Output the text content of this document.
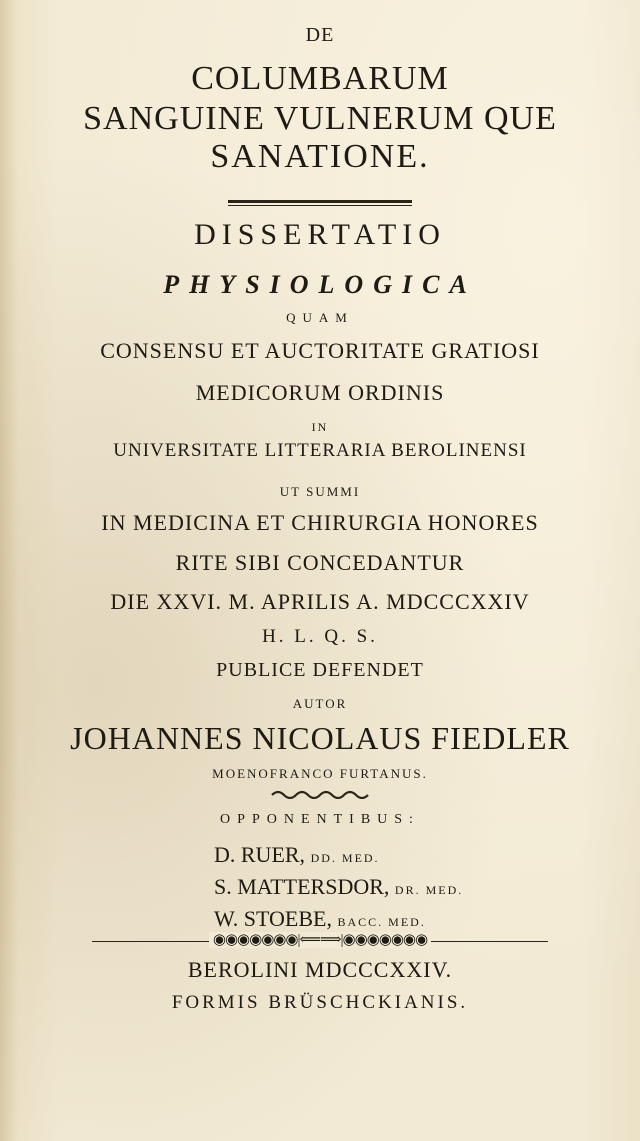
DE
COLUMBARUM
SANGUINE VULNERUM QUE
SANATIONE.
DISSERTATIO
PHYSIOLOGICA
QUAM
CONSENSU ET AUCTORITATE GRATIOSI
MEDICORUM ORDINIS
IN
UNIVERSITATE LITTERARIA BEROLINENSI
UT SUMMI
IN MEDICINA ET CHIRURGIA HONORES
RITE SIBI CONCEDANTUR
DIE XXVI. M. APRILIS A. MDCCCXXIV
H. L. Q. S.
PUBLICE DEFENDET
AUTOR
JOHANNES NICOLAUS FIEDLER
MOENOFRANCO FURTANUS.
OPPONENTIBUS:
D. RUER, DD. MED.
S. MATTERSDOR, DR. MED.
W. STOEBE, BACC. MED.
◉◉◉◉◉◉◉|⟸⟹|◉◉◉◉◉◉◉
BEROLINI MDCCCXXIV.
FORMIS BRÜSCHCKIANIS.
